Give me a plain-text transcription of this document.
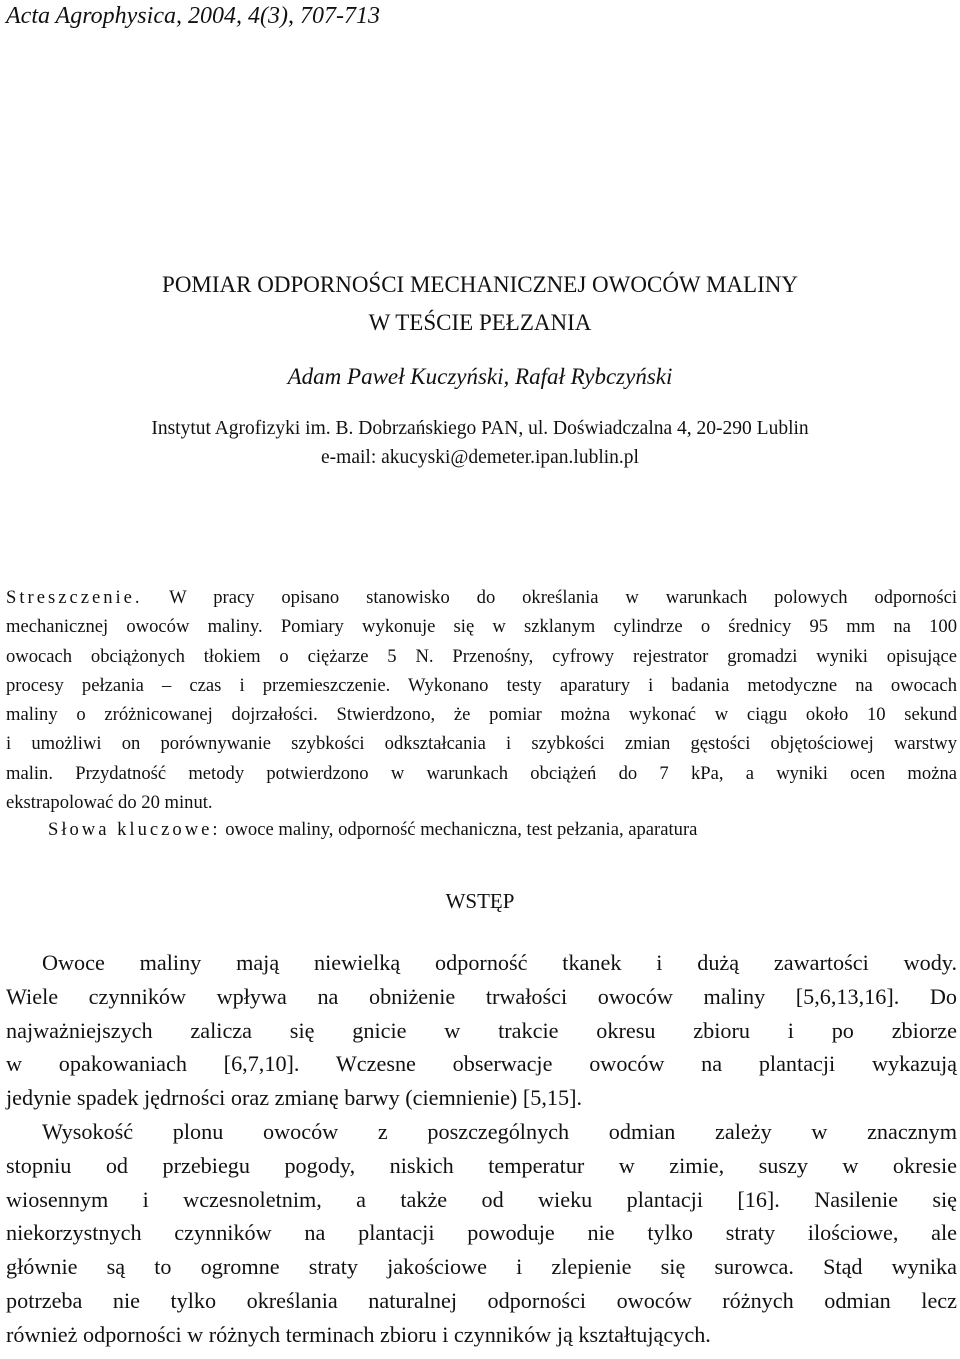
Acta Agrophysica, 2004, 4(3), 707-713
POMIAR ODPORNOŚCI MECHANICZNEJ OWOCÓW MALINY
W TEŚCIE PEŁZANIA
Adam Paweł Kuczyński, Rafał Rybczyński
Instytut Agrofizyki im. B. Dobrzańskiego PAN, ul. Doświadczalna 4, 20-290 Lublin
e-mail: akucyski@demeter.ipan.lublin.pl
Streszczenie. W pracy opisano stanowisko do określania w warunkach polowych odporności
mechanicznej owoców maliny. Pomiary wykonuje się w szklanym cylindrze o średnicy 95 mm na 100
owocach obciążonych tłokiem o ciężarze 5 N. Przenośny, cyfrowy rejestrator gromadzi wyniki opisujące
procesy pełzania – czas i przemieszczenie. Wykonano testy aparatury i badania metodyczne na owocach
maliny o zróżnicowanej dojrzałości. Stwierdzono, że pomiar można wykonać w ciągu około 10 sekund
i umożliwi on porównywanie szybkości odkształcania i szybkości zmian gęstości objętościowej warstwy
malin. Przydatność metody potwierdzono w warunkach obciążeń do 7 kPa, a wyniki ocen można
ekstrapolować do 20 minut.
Słowa kluczowe: owoce maliny, odporność mechaniczna, test pełzania, aparatura
WSTĘP
Owoce maliny mają niewielką odporność tkanek i dużą zawartości wody.
Wiele czynników wpływa na obniżenie trwałości owoców maliny [5,6,13,16]. Do
najważniejszych zalicza się gnicie w trakcie okresu zbioru i po zbiorze
w opakowaniach [6,7,10]. Wczesne obserwacje owoców na plantacji wykazują
jedynie spadek jędrności oraz zmianę barwy (ciemnienie) [5,15].
Wysokość plonu owoców z poszczególnych odmian zależy w znacznym
stopniu od przebiegu pogody, niskich temperatur w zimie, suszy w okresie
wiosennym i wczesnoletnim, a także od wieku plantacji [16]. Nasilenie się
niekorzystnych czynników na plantacji powoduje nie tylko straty ilościowe, ale
głównie są to ogromne straty jakościowe i zlepienie się surowca. Stąd wynika
potrzeba nie tylko określania naturalnej odporności owoców różnych odmian lecz
również odporności w różnych terminach zbioru i czynników ją kształtujących.
